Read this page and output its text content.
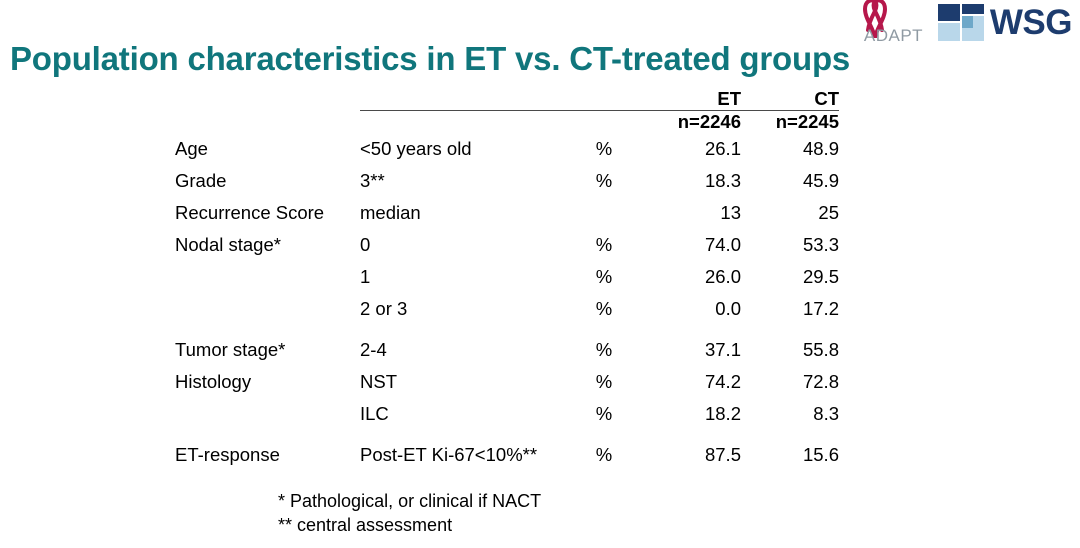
ADAPT WSG
Population characteristics in ET vs. CT-treated groups
			ET	CT

			n=2246	n=2245
Age	<50 years old	%	26.1	48.9
Grade	3**	%	18.3	45.9
Recurrence Score	median		13	25
Nodal stage*	0	%	74.0	53.3
	1	%	26.0	29.5
	2 or 3	%	0.0	17.2

Tumor stage*	2-4	%	37.1	55.8
Histology	NST	%	74.2	72.8
	ILC	%	18.2	8.3

ET-response	Post-ET Ki-67<10%**	%	87.5	15.6
* Pathological, or clinical if NACT
** central assessment
